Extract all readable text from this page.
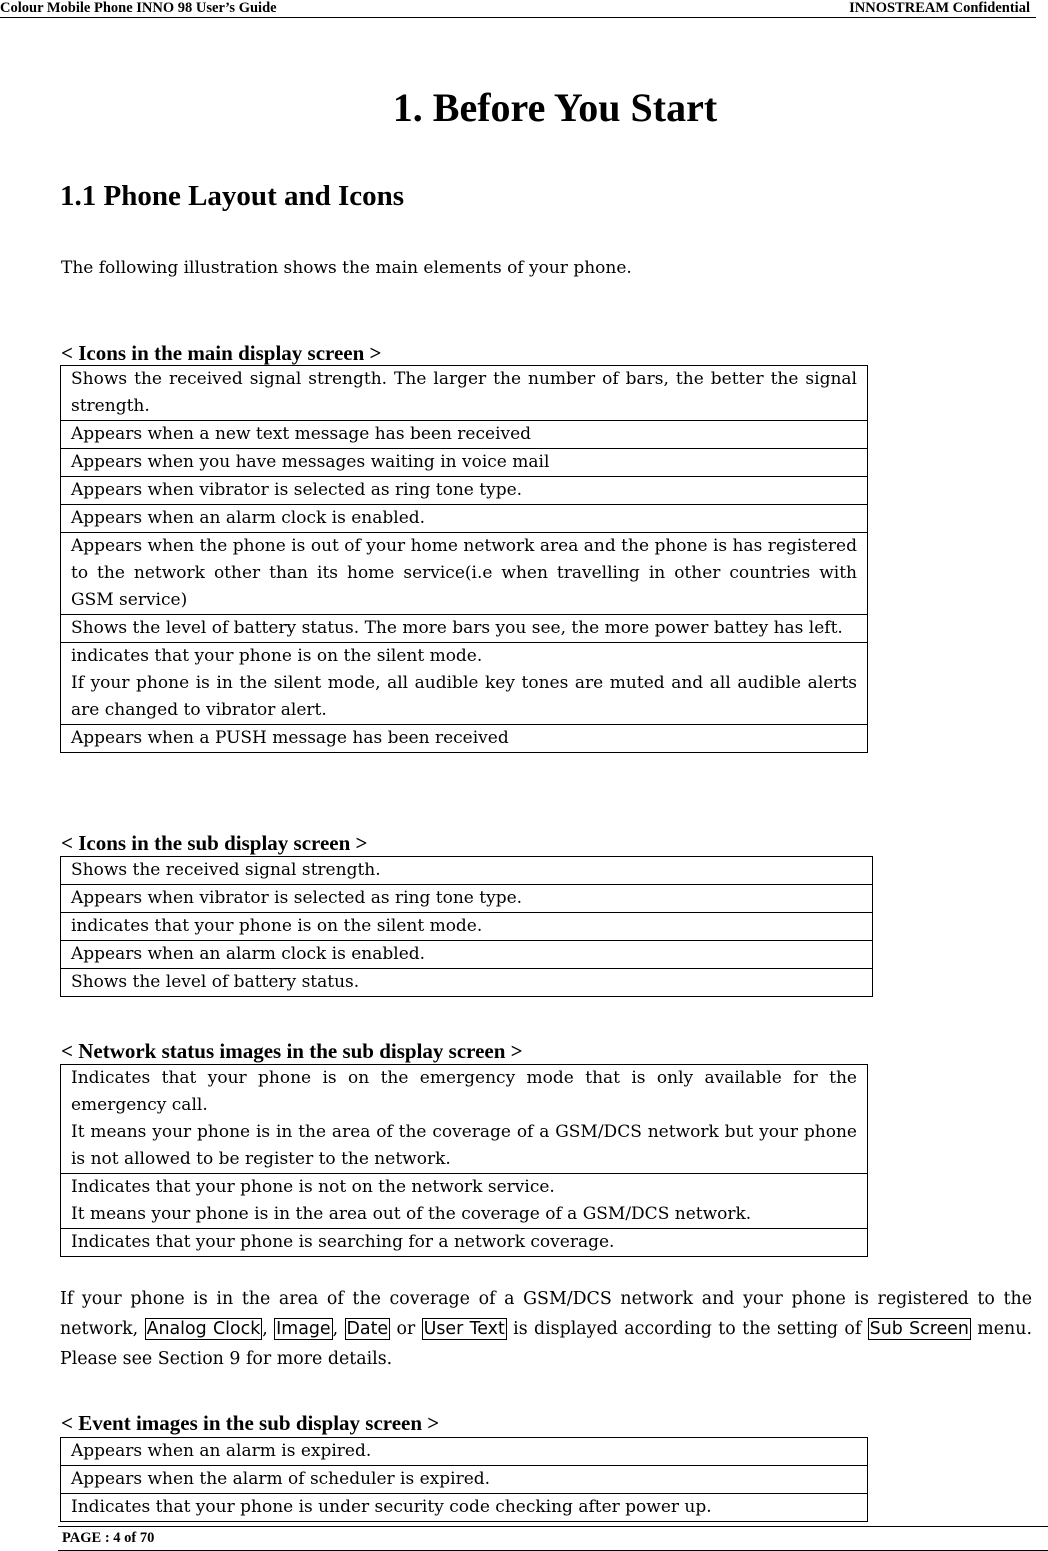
Colour Mobile Phone INNO 98 User’s Guide	INNOSTREAM Confidential
1. Before You Start
1.1 Phone Layout and Icons
The following illustration shows the main elements of your phone.
< Icons in the main display screen >
Shows the received signal strength. The larger the number of bars, the better the signal strength.
Appears when a new text message has been received
Appears when you have messages waiting in voice mail
Appears when vibrator is selected as ring tone type.
Appears when an alarm clock is enabled.
Appears when the phone is out of your home network area and the phone is has registered to the network other than its home service(i.e when travelling in other countries with GSM service)
Shows the level of battery status. The more bars you see, the more power battey has left.

indicates that your phone is on the silent mode.
If your phone is in the silent mode, all audible key tones are muted and all audible alerts are changed to vibrator alert.

Appears when a PUSH message has been received
< Icons in the sub display screen >
Shows the received signal strength.
Appears when vibrator is selected as ring tone type.
indicates that your phone is on the silent mode.
Appears when an alarm clock is enabled.
Shows the level of battery status.
< Network status images in the sub display screen >
Indicates that your phone is on the emergency mode that is only available for the emergency call.
It means your phone is in the area of the coverage of a GSM/DCS network but your phone is not allowed to be register to the network.

Indicates that your phone is not on the network service.
It means your phone is in the area out of the coverage of a GSM/DCS network.

Indicates that your phone is searching for a network coverage.

If your phone is in the area of the coverage of a GSM/DCS network and your phone is registered to the network, Analog Clock , Image , Date or User Text is displayed according to the setting of Sub Screen menu. Please see Section 9 for more details.

< Event images in the sub display screen >
Appears when an alarm is expired.
Appears when the alarm of scheduler is expired.
Indicates that your phone is under security code checking after power up.
PAGE : 4 of 70
